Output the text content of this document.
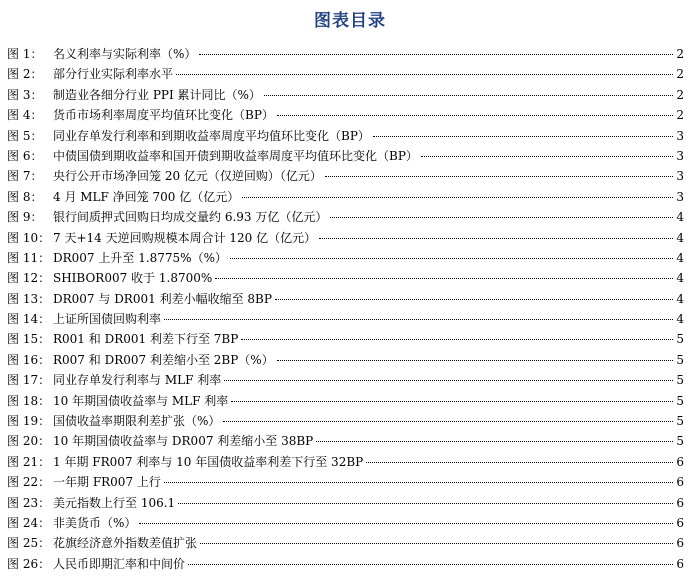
图表目录
图 1： 名义利率与实际利率（%）	2
图 2： 部分行业实际利率水平	2
图 3： 制造业各细分行业 PPI 累计同比（%）	2
图 4： 货币市场利率周度平均值环比变化（BP）	2
图 5： 同业存单发行利率和到期收益率周度平均值环比变化（BP）	3
图 6： 中债国债到期收益率和国开债到期收益率周度平均值环比变化（BP）	3
图 7： 央行公开市场净回笼 20 亿元（仅逆回购）（亿元）	3
图 8： 4 月 MLF 净回笼 700 亿（亿元）	3
图 9： 银行间质押式回购日均成交量约 6.93 万亿（亿元）	4
图 10： 7 天+14 天逆回购规模本周合计 120 亿（亿元）	4
图 11： DR007 上升至 1.8775%（%）	4
图 12： SHIBOR007 收于 1.8700%	4
图 13： DR007 与 DR001 利差小幅收缩至 8BP	4
图 14： 上证所国债回购利率	4
图 15： R001 和 DR001 利差下行至 7BP	5
图 16： R007 和 DR007 利差缩小至 2BP（%）	5
图 17： 同业存单发行利率与 MLF 利率	5
图 18： 10 年期国债收益率与 MLF 利率	5
图 19： 国债收益率期限利差扩张（%）	5
图 20： 10 年期国债收益率与 DR007 利差缩小至 38BP	5
图 21： 1 年期 FR007 利率与 10 年国债收益率利差下行至 32BP	6
图 22： 一年期 FR007 上行	6
图 23： 美元指数上行至 106.1	6
图 24： 非美货币（%）	6
图 25： 花旗经济意外指数差值扩张	6
图 26： 人民币即期汇率和中间价	6
